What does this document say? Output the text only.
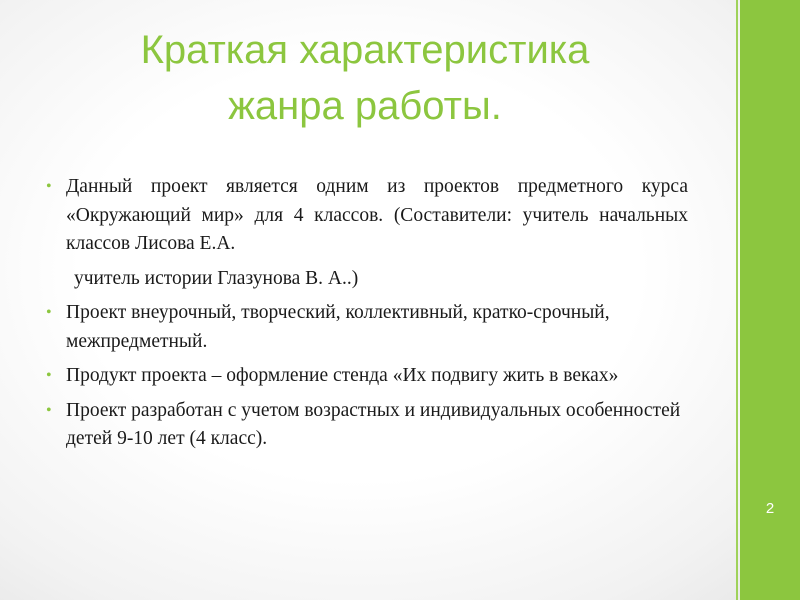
Краткая характеристика
жанра работы.
• Данный проект является одним из проектов предметного курса «Окружающий мир» для 4 классов. (Составители: учитель начальных классов Лисова Е.А.
учитель истории Глазунова В. А..)
• Проект внеурочный, творческий, коллективный, кратко-срочный, межпредметный.
• Продукт проекта – оформление стенда «Их подвигу жить в веках»
• Проект разработан с учетом возрастных и индивидуальных особенностей детей 9-10 лет (4 класс).
2
